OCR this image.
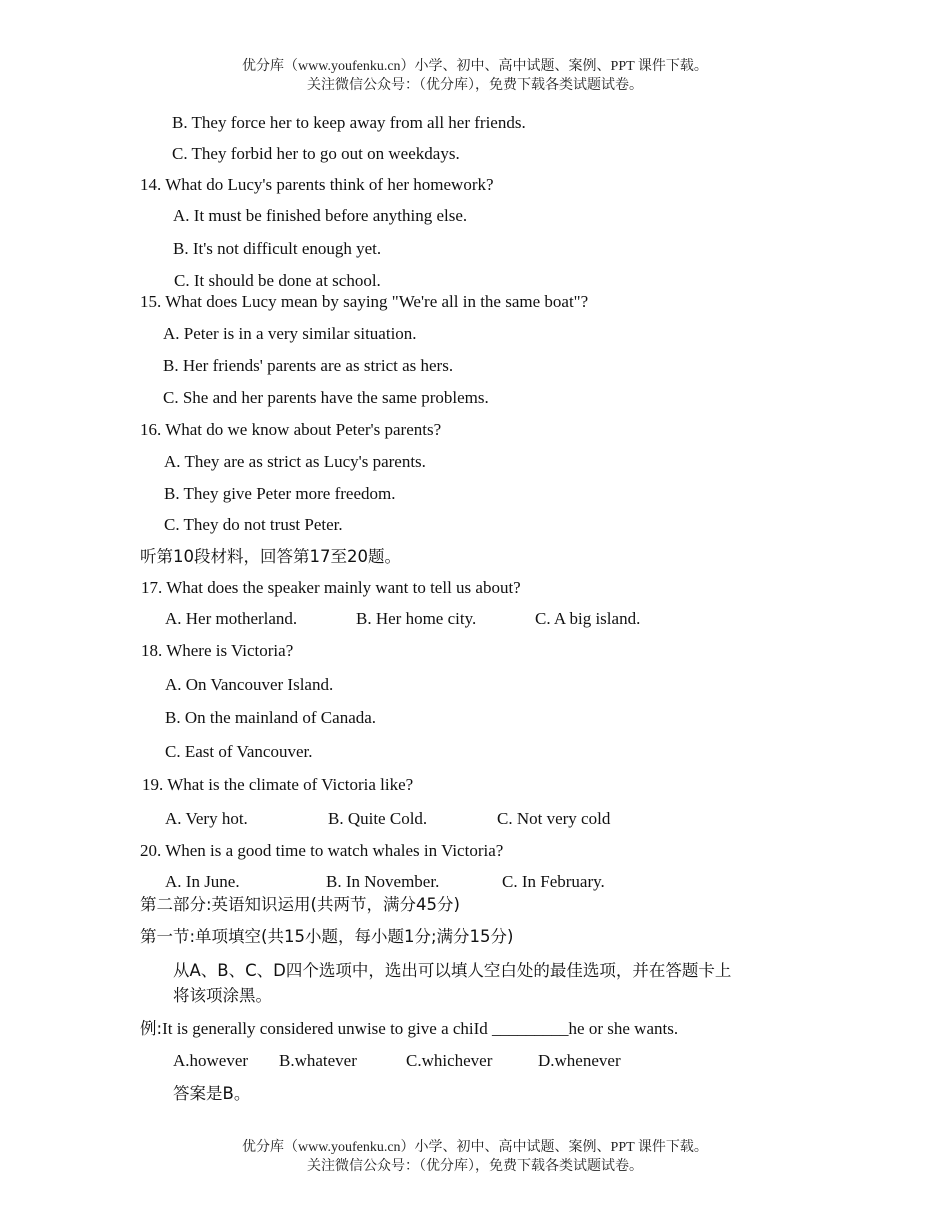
优分库（www.youfenku.cn）小学、初中、高中试题、案例、PPT 课件下载。
关注微信公众号：（优分库），免费下载各类试题试卷。
B. They force her to keep away from all her friends.
C. They forbid her to go out on weekdays.
14. What do Lucy's parents think of her homework?
A. It must be finished before anything else.
B. It's not difficult enough yet.
C. It should be done at school.
15. What does Lucy mean by saying "We're all in the same boat"?
A. Peter is in a very similar situation.
B. Her friends' parents are as strict as hers.
C. She and her parents have the same problems.
16. What do we know about Peter's parents?
A. They are as strict as Lucy's parents.
B. They give Peter more freedom.
C. They do not trust Peter.
听第10段材料，回答第17至20题。
17. What does the speaker mainly want to tell us about?
A. Her motherland.	B. Her home city.	C. A big island.
18. Where is Victoria?
A. On Vancouver Island.
B. On the mainland of Canada.
C. East of Vancouver.
19. What is the climate of Victoria like?
A. Very hot.	B. Quite Cold.	C. Not very cold
20. When is a good time to watch whales in Victoria?
A. In June.	B. In November.	C. In February.
第二部分:英语知识运用(共两节，满分45分)
第一节:单项填空(共15小题，每小题1分;满分15分)
从A、B、C、D四个选项中，选出可以填人空白处的最佳选项，并在答题卡上
将该项涂黑。
例:It is generally considered unwise to give a chiId _________he or she wants.
A.however B.whatever	C.whichever	D.whenever
答案是B。
优分库（www.youfenku.cn）小学、初中、高中试题、案例、PPT 课件下载。
关注微信公众号：（优分库），免费下载各类试题试卷。
